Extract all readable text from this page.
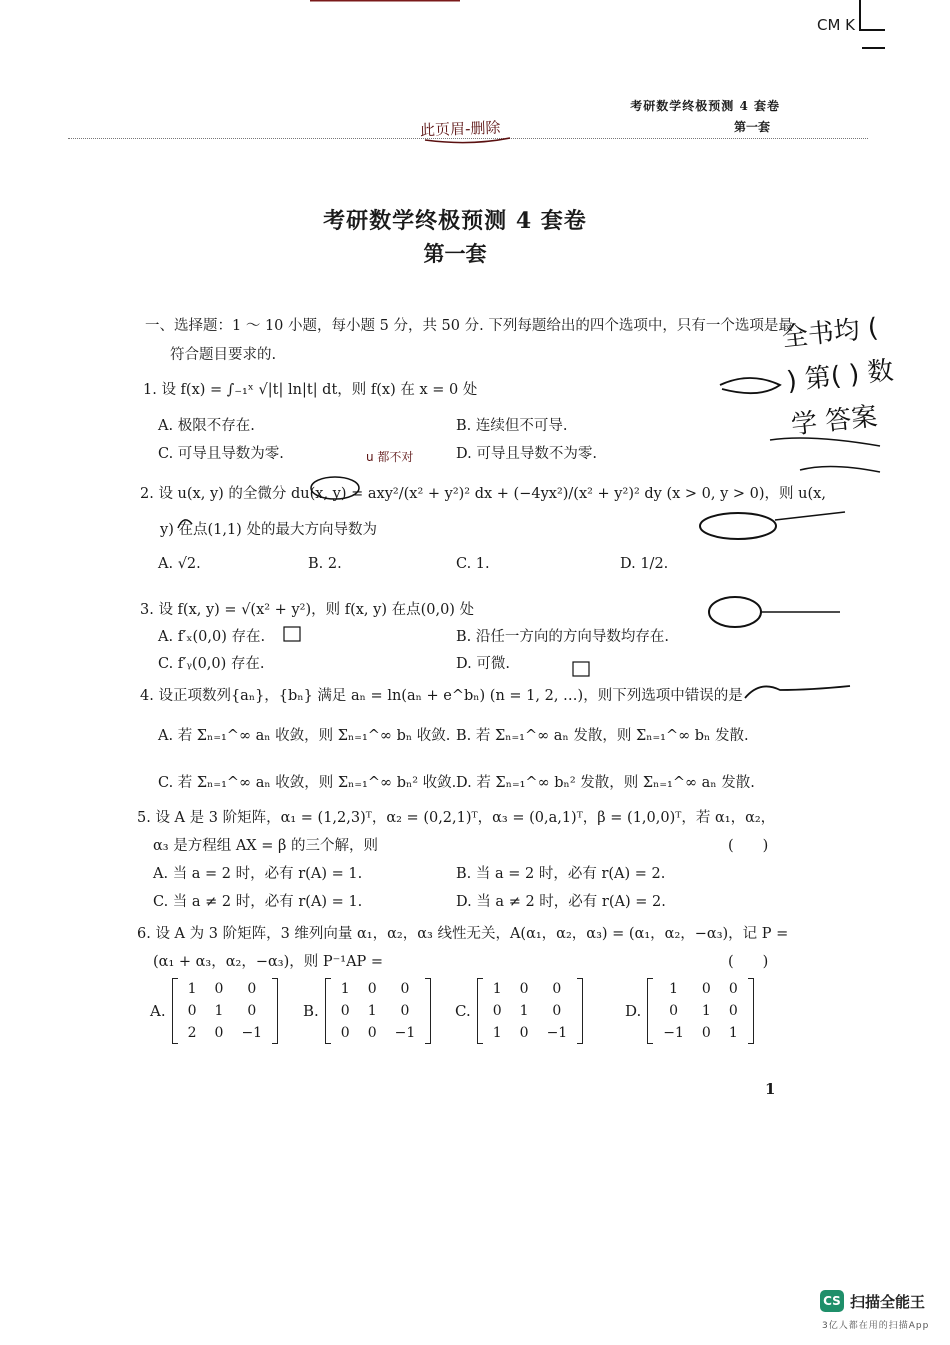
CM K
此页眉-删除
考研数学终极预测 4 套卷
第一套
考研数学终极预测 4 套卷
第一套
一、选择题：1 ～ 10 小题，每小题 5 分，共 50 分. 下列每题给出的四个选项中，只有一个选项是最
符合题目要求的.
1. 设 f(x) = ∫₋₁ˣ √|t| ln|t| dt，则 f(x) 在 x = 0 处
A. 极限不存在.	B. 连续但不可导.
C. 可导且导数为零.	D. 可导且导数不为零.
2. 设 u(x, y) 的全微分 du(x, y) = axy²/(x² + y²)² dx + (−4yx²)/(x² + y²)² dy (x > 0, y > 0)，则 u(x,
y) 在点(1,1) 处的最大方向导数为
A. √2.	B. 2.	C. 1.	D. 1/2.
3. 设 f(x, y) = √(x² + y²)，则 f(x, y) 在点(0,0) 处
A. f′ₓ(0,0) 存在.	B. 沿任一方向的方向导数均存在.
C. f′ᵧ(0,0) 存在.	D. 可微.
4. 设正项数列{aₙ}，{bₙ} 满足 aₙ = ln(aₙ + e^bₙ) (n = 1, 2, …)，则下列选项中错误的是
A. 若 Σₙ₌₁^∞ aₙ 收敛，则 Σₙ₌₁^∞ bₙ 收敛. B. 若 Σₙ₌₁^∞ aₙ 发散，则 Σₙ₌₁^∞ bₙ 发散.
C. 若 Σₙ₌₁^∞ aₙ 收敛，则 Σₙ₌₁^∞ bₙ² 收敛. D. 若 Σₙ₌₁^∞ bₙ² 发散，则 Σₙ₌₁^∞ aₙ 发散.
5. 设 A 是 3 阶矩阵，α₁ = (1,2,3)ᵀ，α₂ = (0,2,1)ᵀ，α₃ = (0,a,1)ᵀ，β = (1,0,0)ᵀ，若 α₁，α₂，
α₃ 是方程组 AX = β 的三个解，则	(　　)
A. 当 a = 2 时，必有 r(A) = 1.	B. 当 a = 2 时，必有 r(A) = 2.
C. 当 a ≠ 2 时，必有 r(A) = 1.	D. 当 a ≠ 2 时，必有 r(A) = 2.
6. 设 A 为 3 阶矩阵，3 维列向量 α₁，α₂，α₃ 线性无关，A(α₁，α₂，α₃) = (α₁，α₂，−α₃)，记 P =
(α₁ + α₃，α₂，−α₃)，则 P⁻¹AP =	(　　)
A.
1	0	0
0	1	0
2	0	−1
B.
1	0	0
0	1	0
0	0	−1
C.
1	0	0
0	1	0
1	0	−1
D.
1	0	0
0	1	0
−1	0	1
1
u 都不对
全书均 ( ) 第( ) 数学 答案
CS 扫描全能王
3亿人都在用的扫描App
